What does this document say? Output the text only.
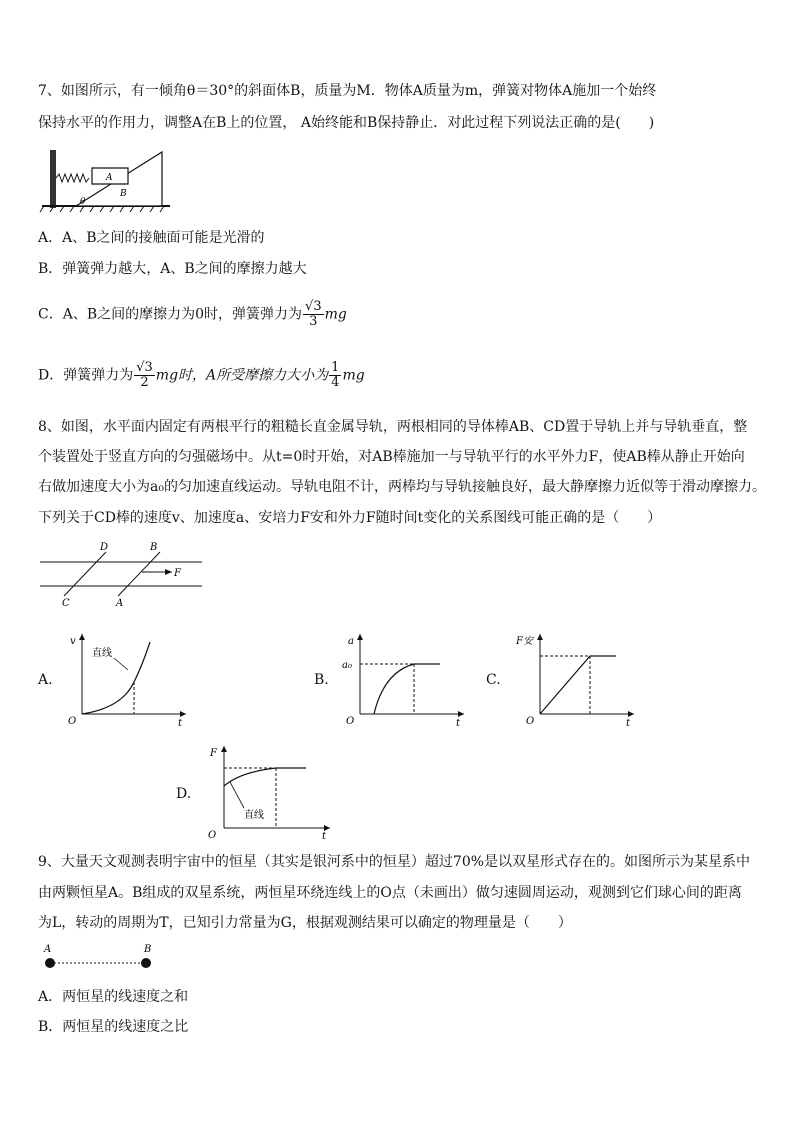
7、如图所示，有一倾角θ＝30°的斜面体B，质量为M．物体A质量为m，弹簧对物体A施加一个始终
保持水平的作用力，调整A在B上的位置， A始终能和B保持静止．对此过程下列说法正确的是(　　)
A
B
θ
A．A、B之间的接触面可能是光滑的
B．弹簧弹力越大，A、B之间的摩擦力越大
C．A、B之间的摩擦力为0时，弹簧弹力为 $\frac{√3}{3}$ mg
D．弹簧弹力为 $\frac{√3}{2}$ mg时，A所受摩擦力大小为 $\frac{1}{4}$ mg
8、如图，水平面内固定有两根平行的粗糙长直金属导轨，两根相同的导体棒AB、CD置于导轨上并与导轨垂直，整
个装置处于竖直方向的匀强磁场中。从t=0时开始，对AB棒施加一与导轨平行的水平外力F，使AB棒从静止开始向
右做加速度大小为a₀的匀加速直线运动。导轨电阻不计，两棒均与导轨接触良好，最大静摩擦力近似等于滑动摩擦力。
下列关于CD棒的速度v、加速度a、安培力F安和外力F随时间t变化的关系图线可能正确的是（　　）
D	B
C	A
F
A.
v
t
O
直线
B.
a
a₀
t
O
C.
F安
t
O
D.
F
t
O
直线
9、大量天文观测表明宇宙中的恒星（其实是银河系中的恒星）超过70%是以双星形式存在的。如图所示为某星系中
由两颗恒星A。B组成的双星系统，两恒星环绕连线上的O点（未画出）做匀速圆周运动，观测到它们球心间的距离
为L，转动的周期为T，已知引力常量为G，根据观测结果可以确定的物理量是（　　）
A	B
A．两恒星的线速度之和
B．两恒星的线速度之比
